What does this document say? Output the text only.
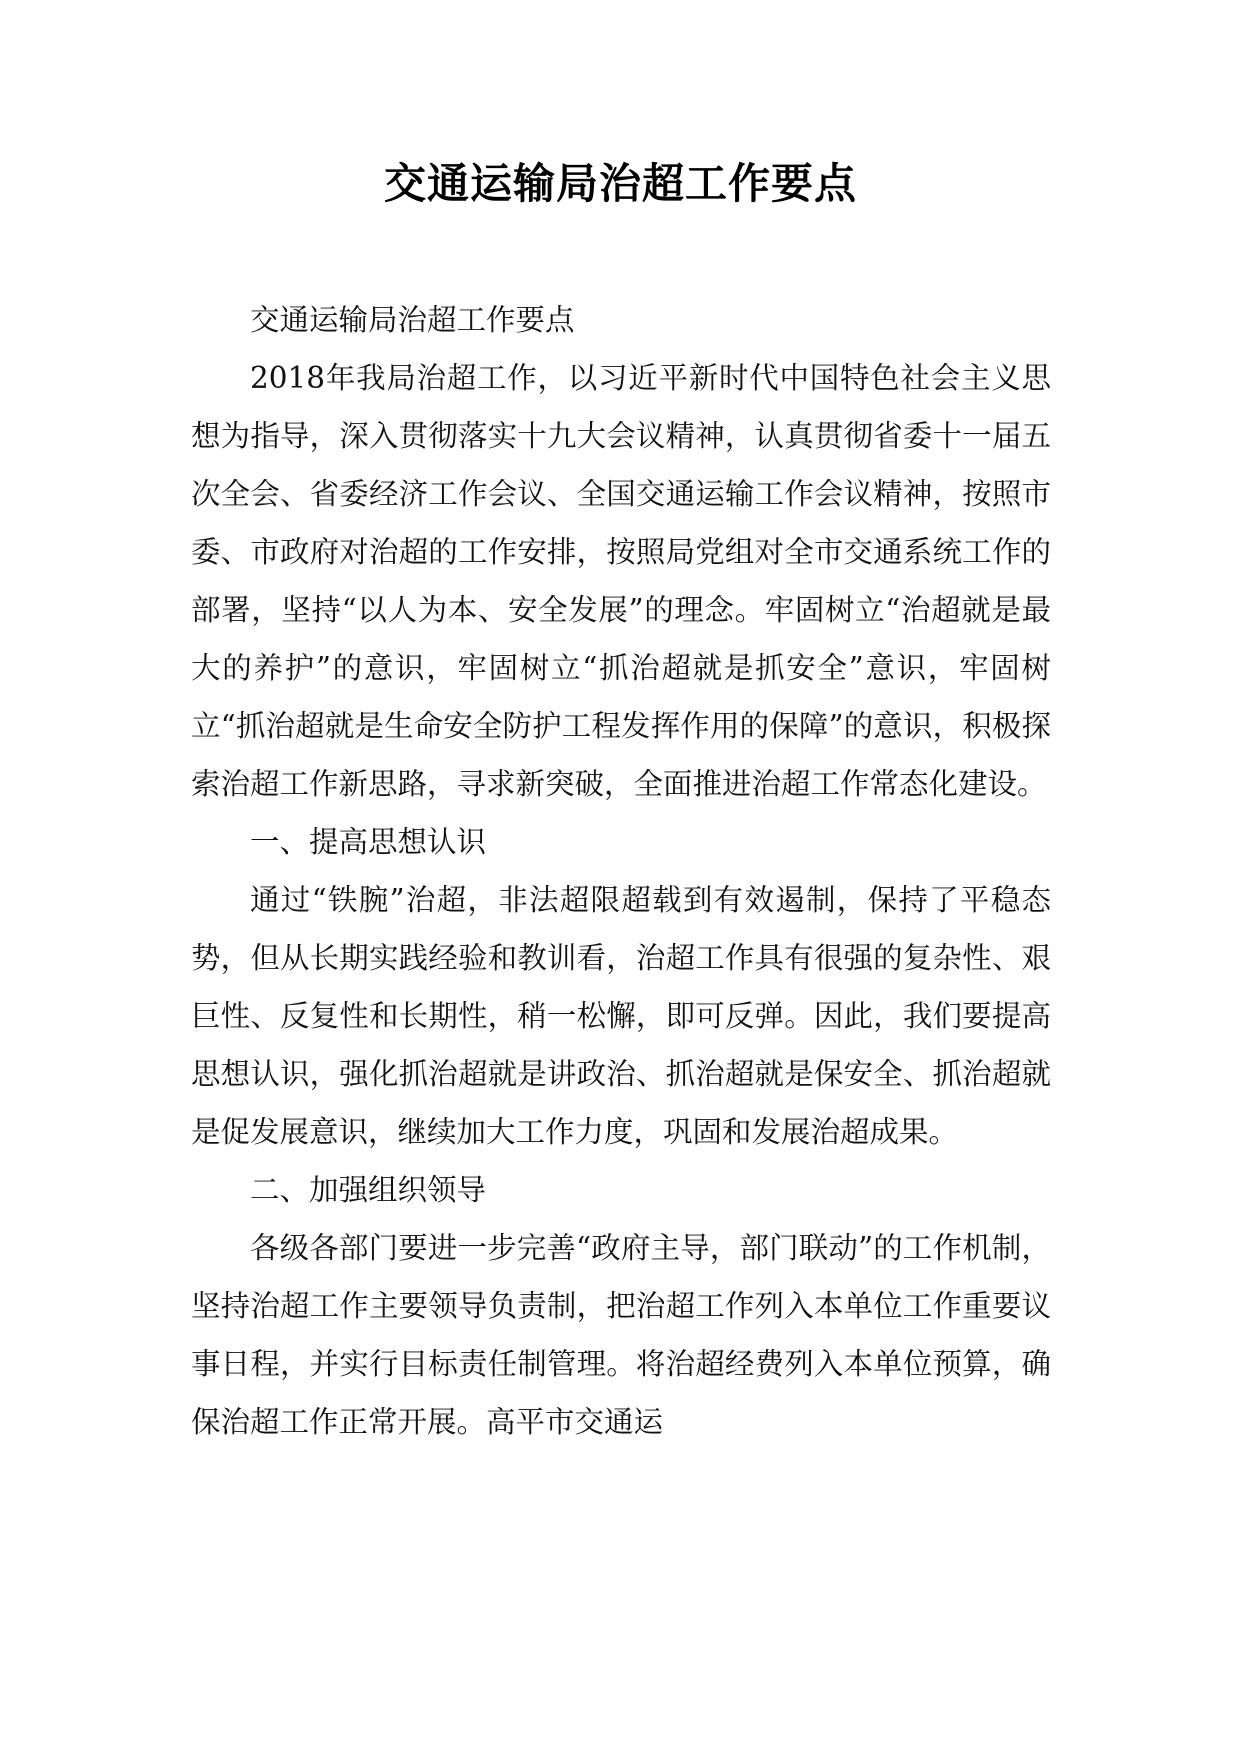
交通运输局治超工作要点

交通运输局治超工作要点

2018年我局治超工作，以习近平新时代中国特色社会主义思想为指导，深入贯彻落实十九大会议精神，认真贯彻省委十一届五次全会、省委经济工作会议、全国交通运输工作会议精神，按照市委、市政府对治超的工作安排，按照局党组对全市交通系统工作的部署，坚持“以人为本、安全发展”的理念。牢固树立“治超就是最大的养护”的意识，牢固树立“抓治超就是抓安全”意识，牢固树立“抓治超就是生命安全防护工程发挥作用的保障”的意识，积极探索治超工作新思路，寻求新突破，全面推进治超工作常态化建设。

一、提高思想认识

通过“铁腕”治超，非法超限超载到有效遏制，保持了平稳态势，但从长期实践经验和教训看，治超工作具有很强的复杂性、艰巨性、反复性和长期性，稍一松懈，即可反弹。因此，我们要提高思想认识，强化抓治超就是讲政治、抓治超就是保安全、抓治超就是促发展意识，继续加大工作力度，巩固和发展治超成果。

二、加强组织领导

各级各部门要进一步完善“政府主导，部门联动”的工作机制，坚持治超工作主要领导负责制，把治超工作列入本单位工作重要议事日程，并实行目标责任制管理。将治超经费列入本单位预算，确保治超工作正常开展。高平市交通运
